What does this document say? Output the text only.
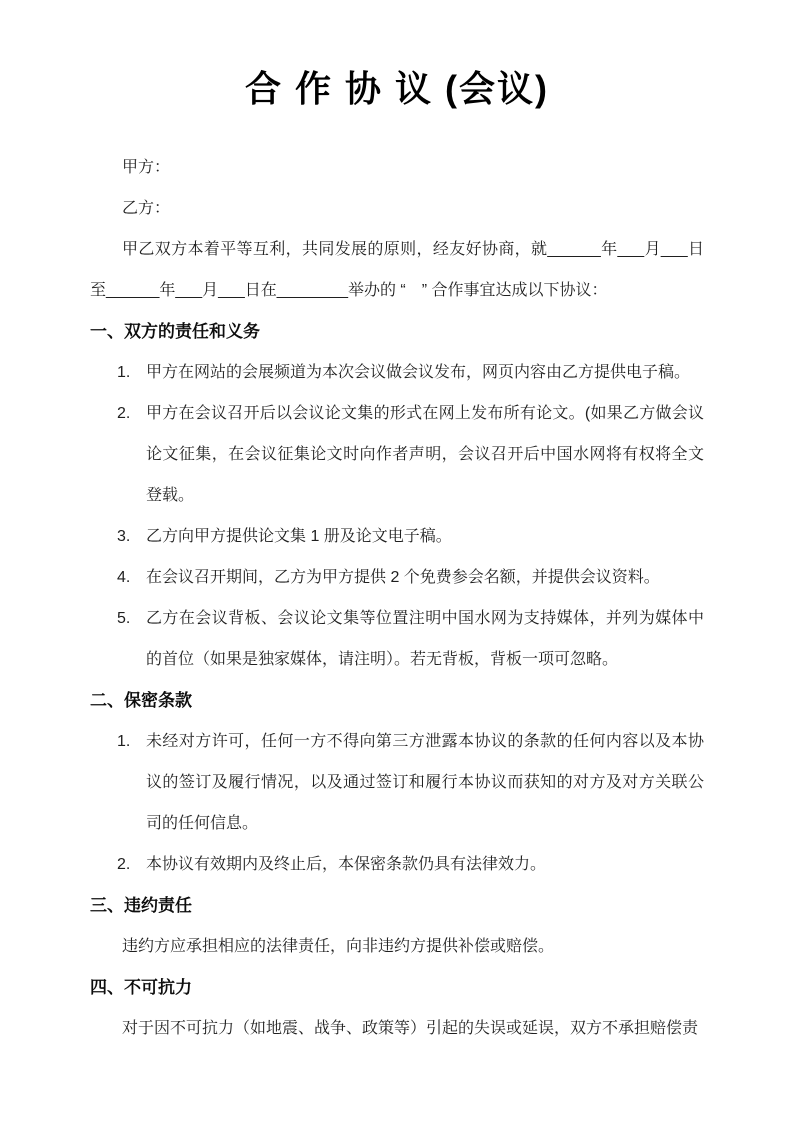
合 作 协 议 (会议)

甲方：

乙方：

甲乙双方本着平等互利，共同发展的原则，经友好协商，就______年___月___日至______年___月___日在________举办的 “　” 合作事宜达成以下协议：

一、双方的责任和义务
1. 甲方在网站的会展频道为本次会议做会议发布，网页内容由乙方提供电子稿。
2. 甲方在会议召开后以会议论文集的形式在网上发布所有论文。(如果乙方做会议论文征集，在会议征集论文时向作者声明，会议召开后中国水网将有权将全文登载。
3. 乙方向甲方提供论文集 1 册及论文电子稿。
4. 在会议召开期间，乙方为甲方提供 2 个免费参会名额，并提供会议资料。
5. 乙方在会议背板、会议论文集等位置注明中国水网为支持媒体，并列为媒体中的首位（如果是独家媒体，请注明）。若无背板，背板一项可忽略。
二、保密条款
1. 未经对方许可，任何一方不得向第三方泄露本协议的条款的任何内容以及本协议的签订及履行情况，以及通过签订和履行本协议而获知的对方及对方关联公司的任何信息。
2. 本协议有效期内及终止后，本保密条款仍具有法律效力。
三、违约责任

违约方应承担相应的法律责任，向非违约方提供补偿或赔偿。

四、不可抗力

对于因不可抗力（如地震、战争、政策等）引起的失误或延误，双方不承担赔偿责
